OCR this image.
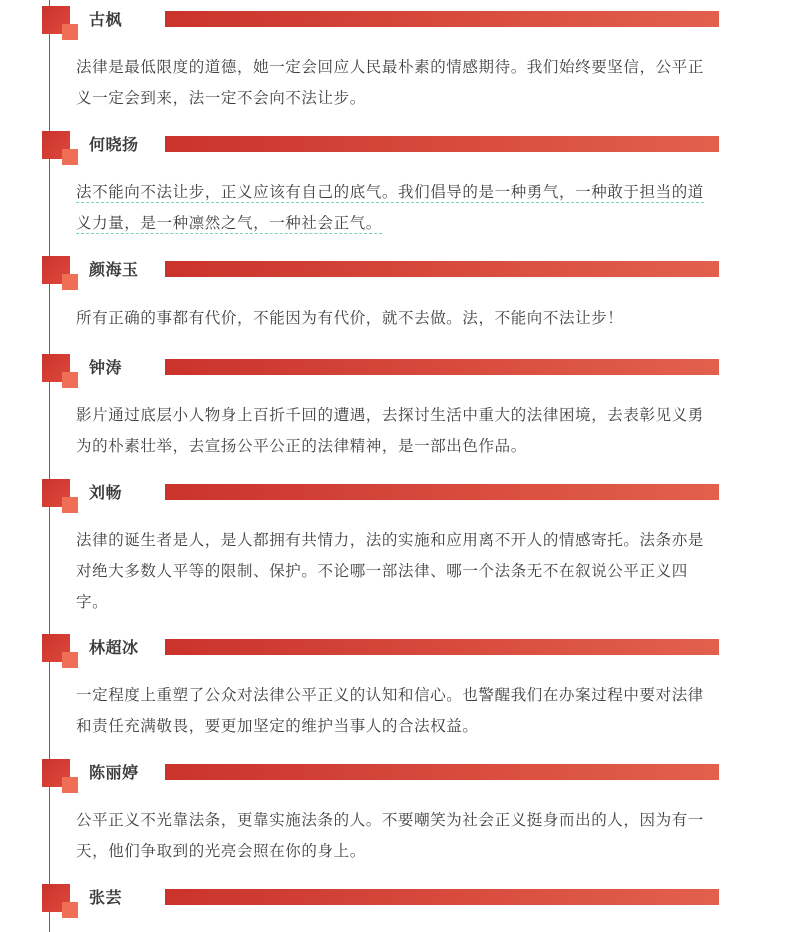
古枫

法律是最低限度的道德，她一定会回应人民最朴素的情感期待。我们始终要坚信，公平正义一定会到来，法一定不会向不法让步。

何晓扬

法不能向不法让步，正义应该有自己的底气。我们倡导的是一种勇气，一种敢于担当的道义力量，是一种凛然之气，一种社会正气。

颜海玉

所有正确的事都有代价，不能因为有代价，就不去做。法，不能向不法让步！

钟涛

影片通过底层小人物身上百折千回的遭遇，去探讨生活中重大的法律困境，去表彰见义勇为的朴素壮举，去宣扬公平公正的法律精神，是一部出色作品。

刘畅

法律的诞生者是人，是人都拥有共情力，法的实施和应用离不开人的情感寄托。法条亦是对绝大多数人平等的限制、保护。不论哪一部法律、哪一个法条无不在叙说公平正义四字。

林超冰

一定程度上重塑了公众对法律公平正义的认知和信心。也警醒我们在办案过程中要对法律和责任充满敬畏，要更加坚定的维护当事人的合法权益。

陈丽婷

公平正义不光靠法条，更靠实施法条的人。不要嘲笑为社会正义挺身而出的人，因为有一天，他们争取到的光亮会照在你的身上。

张芸
